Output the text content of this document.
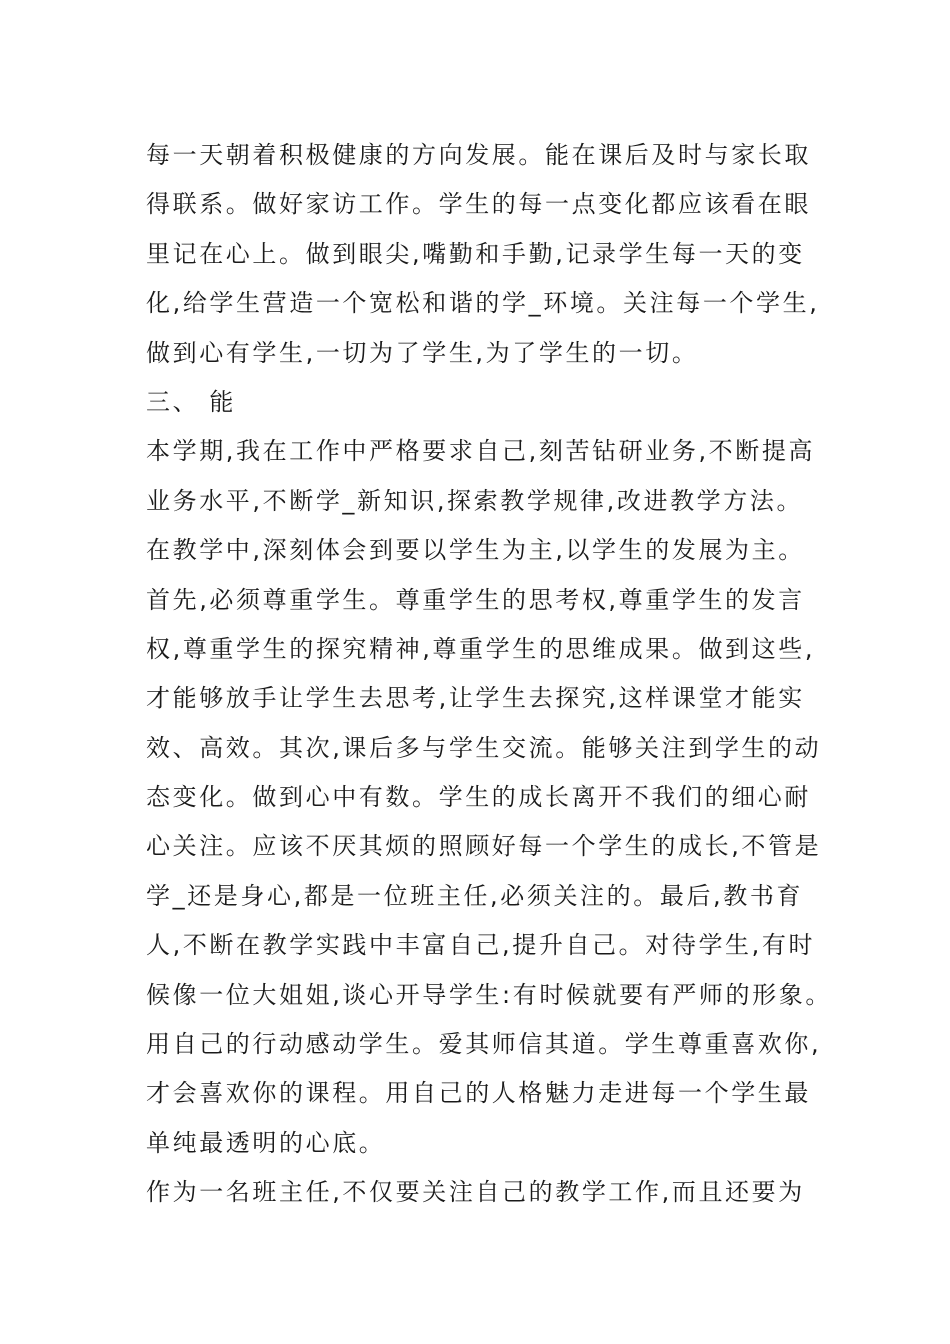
每一天朝着积极健康的方向发展。能在课后及时与家长取
得联系。做好家访工作。学生的每一点变化都应该看在眼
里记在心上。做到眼尖,嘴勤和手勤,记录学生每一天的变
化,给学生营造一个宽松和谐的学_环境。关注每一个学生,
做到心有学生,一切为了学生,为了学生的一切。
三、 能
本学期,我在工作中严格要求自己,刻苦钻研业务,不断提高
业务水平,不断学_新知识,探索教学规律,改进教学方法。
在教学中,深刻体会到要以学生为主,以学生的发展为主。
首先,必须尊重学生。尊重学生的思考权,尊重学生的发言
权,尊重学生的探究精神,尊重学生的思维成果。做到这些,
才能够放手让学生去思考,让学生去探究,这样课堂才能实
效、高效。其次,课后多与学生交流。能够关注到学生的动
态变化。做到心中有数。学生的成长离开不我们的细心耐
心关注。应该不厌其烦的照顾好每一个学生的成长,不管是
学_还是身心,都是一位班主任,必须关注的。最后,教书育
人,不断在教学实践中丰富自己,提升自己。对待学生,有时
候像一位大姐姐,谈心开导学生:有时候就要有严师的形象。
用自己的行动感动学生。爱其师信其道。学生尊重喜欢你,
才会喜欢你的课程。用自己的人格魅力走进每一个学生最
单纯最透明的心底。
作为一名班主任,不仅要关注自己的教学工作,而且还要为
